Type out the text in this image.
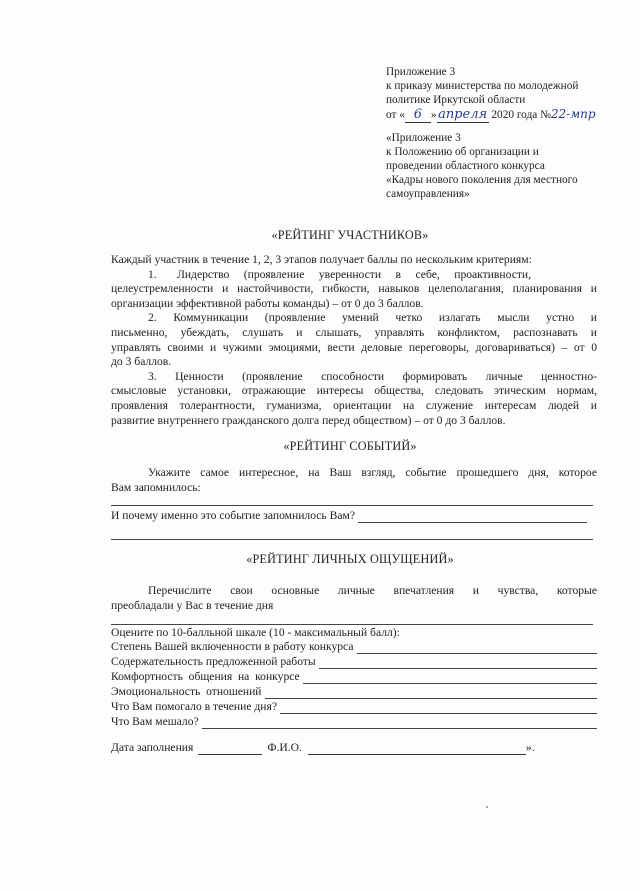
Приложение 3
к приказу министерства по молодежной
политике Иркутской области
от « 6 »апреля 2020 года №22-мпр
«Приложение 3
к Положению об организации и
проведении областного конкурса
«Кадры нового поколения для местного
самоуправления»
«РЕЙТИНГ УЧАСТНИКОВ»
Каждый участник в течение 1, 2, 3 этапов получает баллы по нескольким критериям:
1.       Лидерство     (проявление     уверенности     в     себе,     проактивности,
целеустремленности и настойчивости, гибкости, навыков целеполагания, планирования и
организации эффективной работы команды) – от 0 до 3 баллов.
2. Коммуникации (проявление умений четко излагать мысли устно и
письменно, убеждать, слушать и слышать, управлять конфликтом, распознавать и
управлять своими и чужими эмоциями, вести деловые переговоры, договариваться) – от 0
до 3 баллов.
3. Ценности (проявление способности формировать личные ценностно-
смысловые установки, отражающие интересы общества, следовать этическим нормам,
проявления толерантности, гуманизма, ориентации на служение интересам людей и
развитие внутреннего гражданского долга перед обществом) – от 0 до 3 баллов.
«РЕЙТИНГ СОБЫТИЙ»
Укажите самое интересное, на Ваш взгляд, событие прошедшего дня, которое
Вам запомнилось:
И почему именно это событие запомнилось Вам?
«РЕЙТИНГ ЛИЧНЫХ ОЩУЩЕНИЙ»
Перечислите   свои   основные   личные   впечатления   и   чувства,   которые
преобладали у Вас в течение дня
Оцените по 10-балльной шкале (10 - максимальный балл):
Степень Вашей включенности в работу конкурса
Содержательность предложенной работы
Комфортность  общения  на  конкурсе
Эмоциональность  отношений
Что Вам помогало в течение дня?
Что Вам мешало?
Дата заполнения	Ф.И.О.	».
